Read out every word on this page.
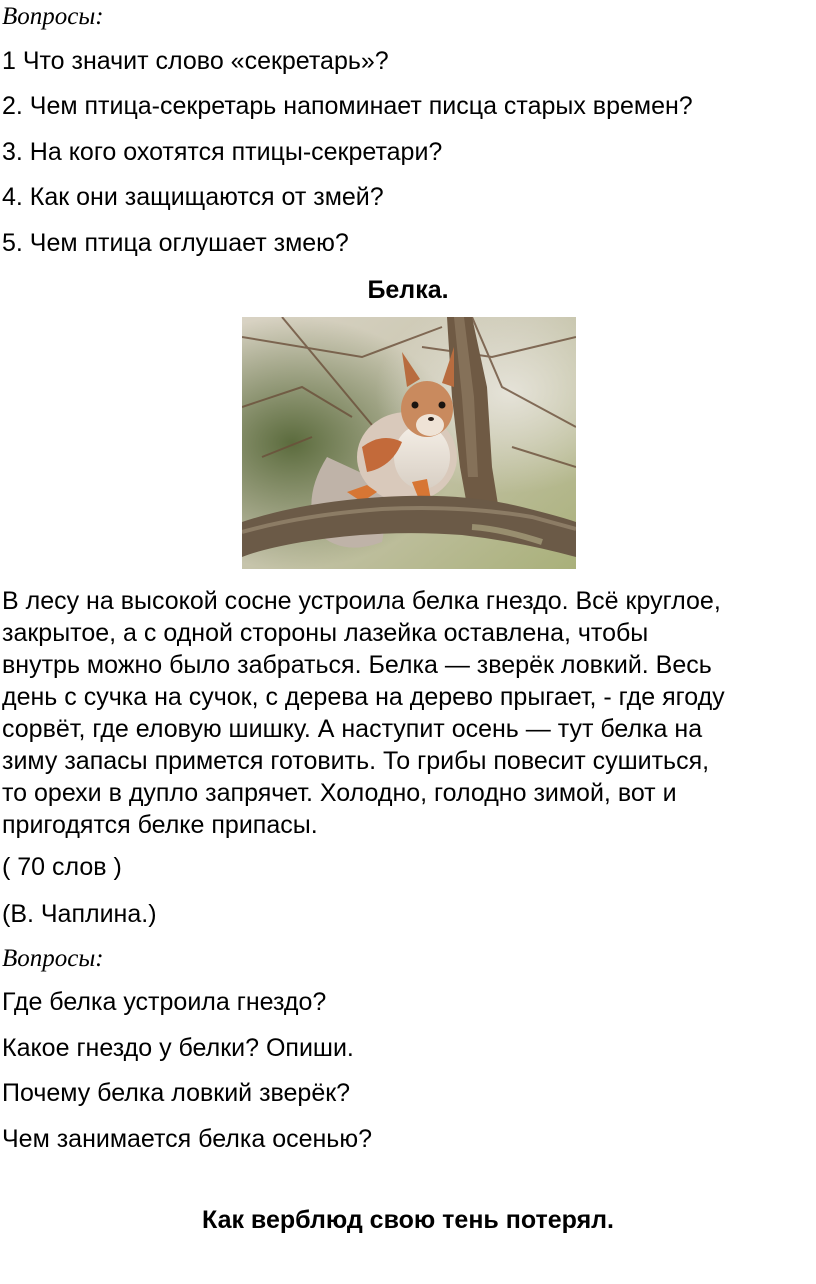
Вопросы:

1 Что значит слово «секретарь»?

2. Чем птица-секретарь напоминает писца старых времен?

3. На кого охотятся птицы-секретари?

4. Как они защищаются от змей?

5. Чем птица оглушает змею?

Белка.

В лесу на высокой сосне устроила белка гнездо. Всё круглое,
закрытое, а с одной стороны лазейка оставлена, чтобы
внутрь можно было забраться. Белка — зверёк ловкий. Весь
день с сучка на сучок, с дерева на дерево прыгает, - где ягоду
сорвёт, где еловую шишку. А наступит осень — тут белка на
зиму запасы примется готовить. То грибы повесит сушиться,
то орехи в дупло запрячет. Холодно, голодно зимой, вот и
пригодятся белке припасы.

( 70 слов )

(В. Чаплина.)

Вопросы:

Где белка устроила гнездо?

Какое гнездо у белки? Опиши.

Почему белка ловкий зверёк?

Чем занимается белка осенью?

Как верблюд свою тень потерял.
